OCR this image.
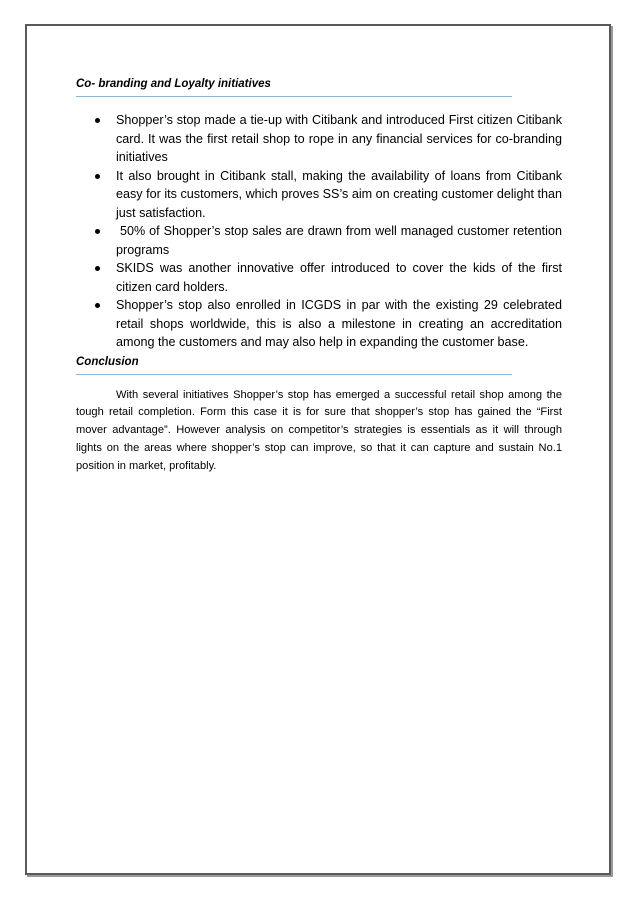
Co- branding and Loyalty initiatives

Shopper’s stop made a tie-up with Citibank and introduced First citizen Citibank card. It was the first retail shop to rope in any financial services for co-branding initiatives
It also brought in Citibank stall, making the availability of loans from Citibank easy for its customers, which proves SS’s aim on creating customer delight than just satisfaction.
50% of Shopper’s stop sales are drawn from well managed customer retention programs
SKIDS was another innovative offer introduced to cover the kids of the first citizen card holders.
Shopper’s stop also enrolled in ICGDS in par with the existing 29 celebrated retail shops worldwide, this is also a milestone in creating an accreditation among the customers and may also help in expanding the customer base.

Conclusion

With several initiatives Shopper’s stop has emerged a successful retail shop among the tough retail completion. Form this case it is for sure that shopper’s stop has gained the “First mover advantage”. However analysis on competitor’s strategies is essentials as it will through lights on the areas where shopper’s stop can improve, so that it can capture and sustain No.1 position in market, profitably.
